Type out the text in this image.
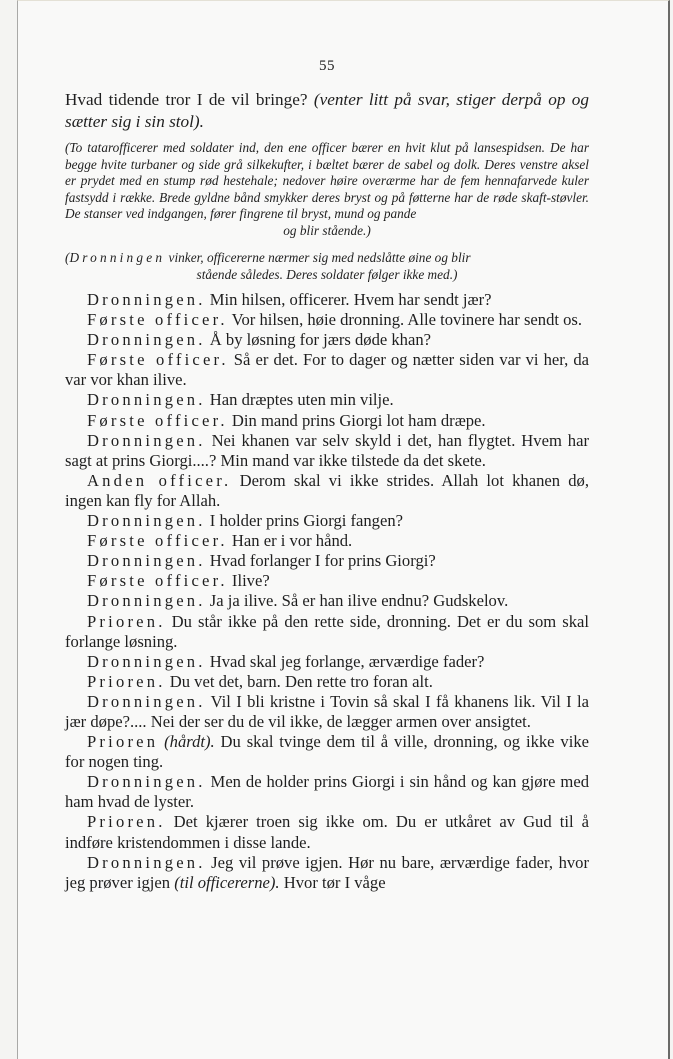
55
Hvad tidende tror I de vil bringe? (venter litt på svar, stiger derpå op og sætter sig i sin stol).
(To tatarofficerer med soldater ind, den ene officer bærer en hvit klut på lansespidsen. De har begge hvite turbaner og side grå silkekufter, i bæltet bærer de sabel og dolk. Deres venstre aksel er prydet med en stump rød hestehale; nedover høire overærme har de fem hennafarvede kuler fastsydd i række. Brede gyldne bånd smykker deres bryst og på føtterne har de røde skaft-støvler. De stanser ved indgangen, fører fingrene til bryst, mund og pande
og blir stående.)
(Dronningen vinker, officererne nærmer sig med nedslåtte øine og blir
stående således. Deres soldater følger ikke med.)

Dronningen. Min hilsen, officerer. Hvem har sendt jær?

Første officer. Vor hilsen, høie dronning. Alle tovinere har sendt os.

Dronningen. Å by løsning for jærs døde khan?

Første officer. Så er det. For to dager og nætter siden var vi her, da var vor khan ilive.

Dronningen. Han dræptes uten min vilje.

Første officer. Din mand prins Giorgi lot ham dræpe.

Dronningen. Nei khanen var selv skyld i det, han flygtet. Hvem har sagt at prins Giorgi....? Min mand var ikke tilstede da det skete.

Anden officer. Derom skal vi ikke strides. Allah lot khanen dø, ingen kan fly for Allah.

Dronningen. I holder prins Giorgi fangen?

Første officer. Han er i vor hånd.

Dronningen. Hvad forlanger I for prins Giorgi?

Første officer. Ilive?

Dronningen. Ja ja ilive. Så er han ilive endnu? Gudskelov.

Prioren. Du står ikke på den rette side, dronning. Det er du som skal forlange løsning.

Dronningen. Hvad skal jeg forlange, ærværdige fader?

Prioren. Du vet det, barn. Den rette tro foran alt.

Dronningen. Vil I bli kristne i Tovin så skal I få khanens lik. Vil I la jær døpe?.... Nei der ser du de vil ikke, de lægger armen over ansigtet.

Prioren (hårdt). Du skal tvinge dem til å ville, dronning, og ikke vike for nogen ting.

Dronningen. Men de holder prins Giorgi i sin hånd og kan gjøre med ham hvad de lyster.

Prioren. Det kjærer troen sig ikke om. Du er utkåret av Gud til å indføre kristendommen i disse lande.

Dronningen. Jeg vil prøve igjen. Hør nu bare, ærværdige fader, hvor jeg prøver igjen (til officererne). Hvor tør I våge
